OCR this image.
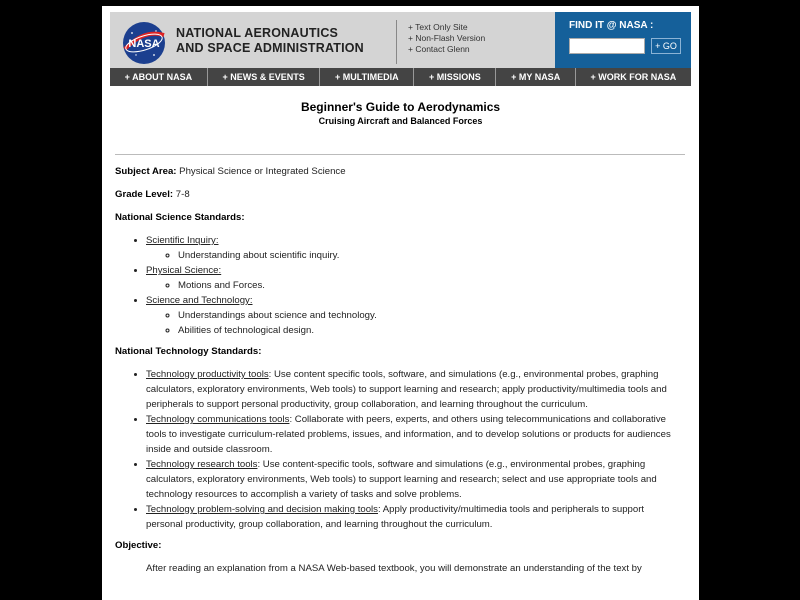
NASA
NATIONAL AERONAUTICS
AND SPACE ADMINISTRATION
+ Text Only Site
+ Non-Flash Version
+ Contact Glenn
FIND IT @ NASA :
+ GO
+ ABOUT NASA	+ NEWS & EVENTS	+ MULTIMEDIA	+ MISSIONS	+ MY NASA	+ WORK FOR NASA
Beginner's Guide to Aerodynamics
Cruising Aircraft and Balanced Forces

Subject Area: Physical Science or Integrated Science

Grade Level: 7-8

National Science Standards:

• Scientific Inquiry:
◦ Understanding about scientific inquiry.
• Physical Science:
◦ Motions and Forces.
• Science and Technology:
◦ Understandings about science and technology.
◦ Abilities of technological design.

National Technology Standards:

• Technology productivity tools: Use content specific tools, software, and simulations (e.g., environmental probes, graphing calculators, exploratory environments, Web tools) to support learning and research; apply productivity/multimedia tools and peripherals to support personal productivity, group collaboration, and learning throughout the curriculum.
• Technology communications tools: Collaborate with peers, experts, and others using telecommunications and collaborative tools to investigate curriculum-related problems, issues, and information, and to develop solutions or products for audiences inside and outside classroom.
• Technology research tools: Use content-specific tools, software and simulations (e.g., environmental probes, graphing calculators, exploratory environments, Web tools) to support learning and research; select and use appropriate tools and technology resources to accomplish a variety of tasks and solve problems.
• Technology problem-solving and decision making tools: Apply productivity/multimedia tools and peripherals to support personal productivity, group collaboration, and learning throughout the curriculum.

Objective:

After reading an explanation from a NASA Web-based textbook, you will demonstrate an understanding of the text by
